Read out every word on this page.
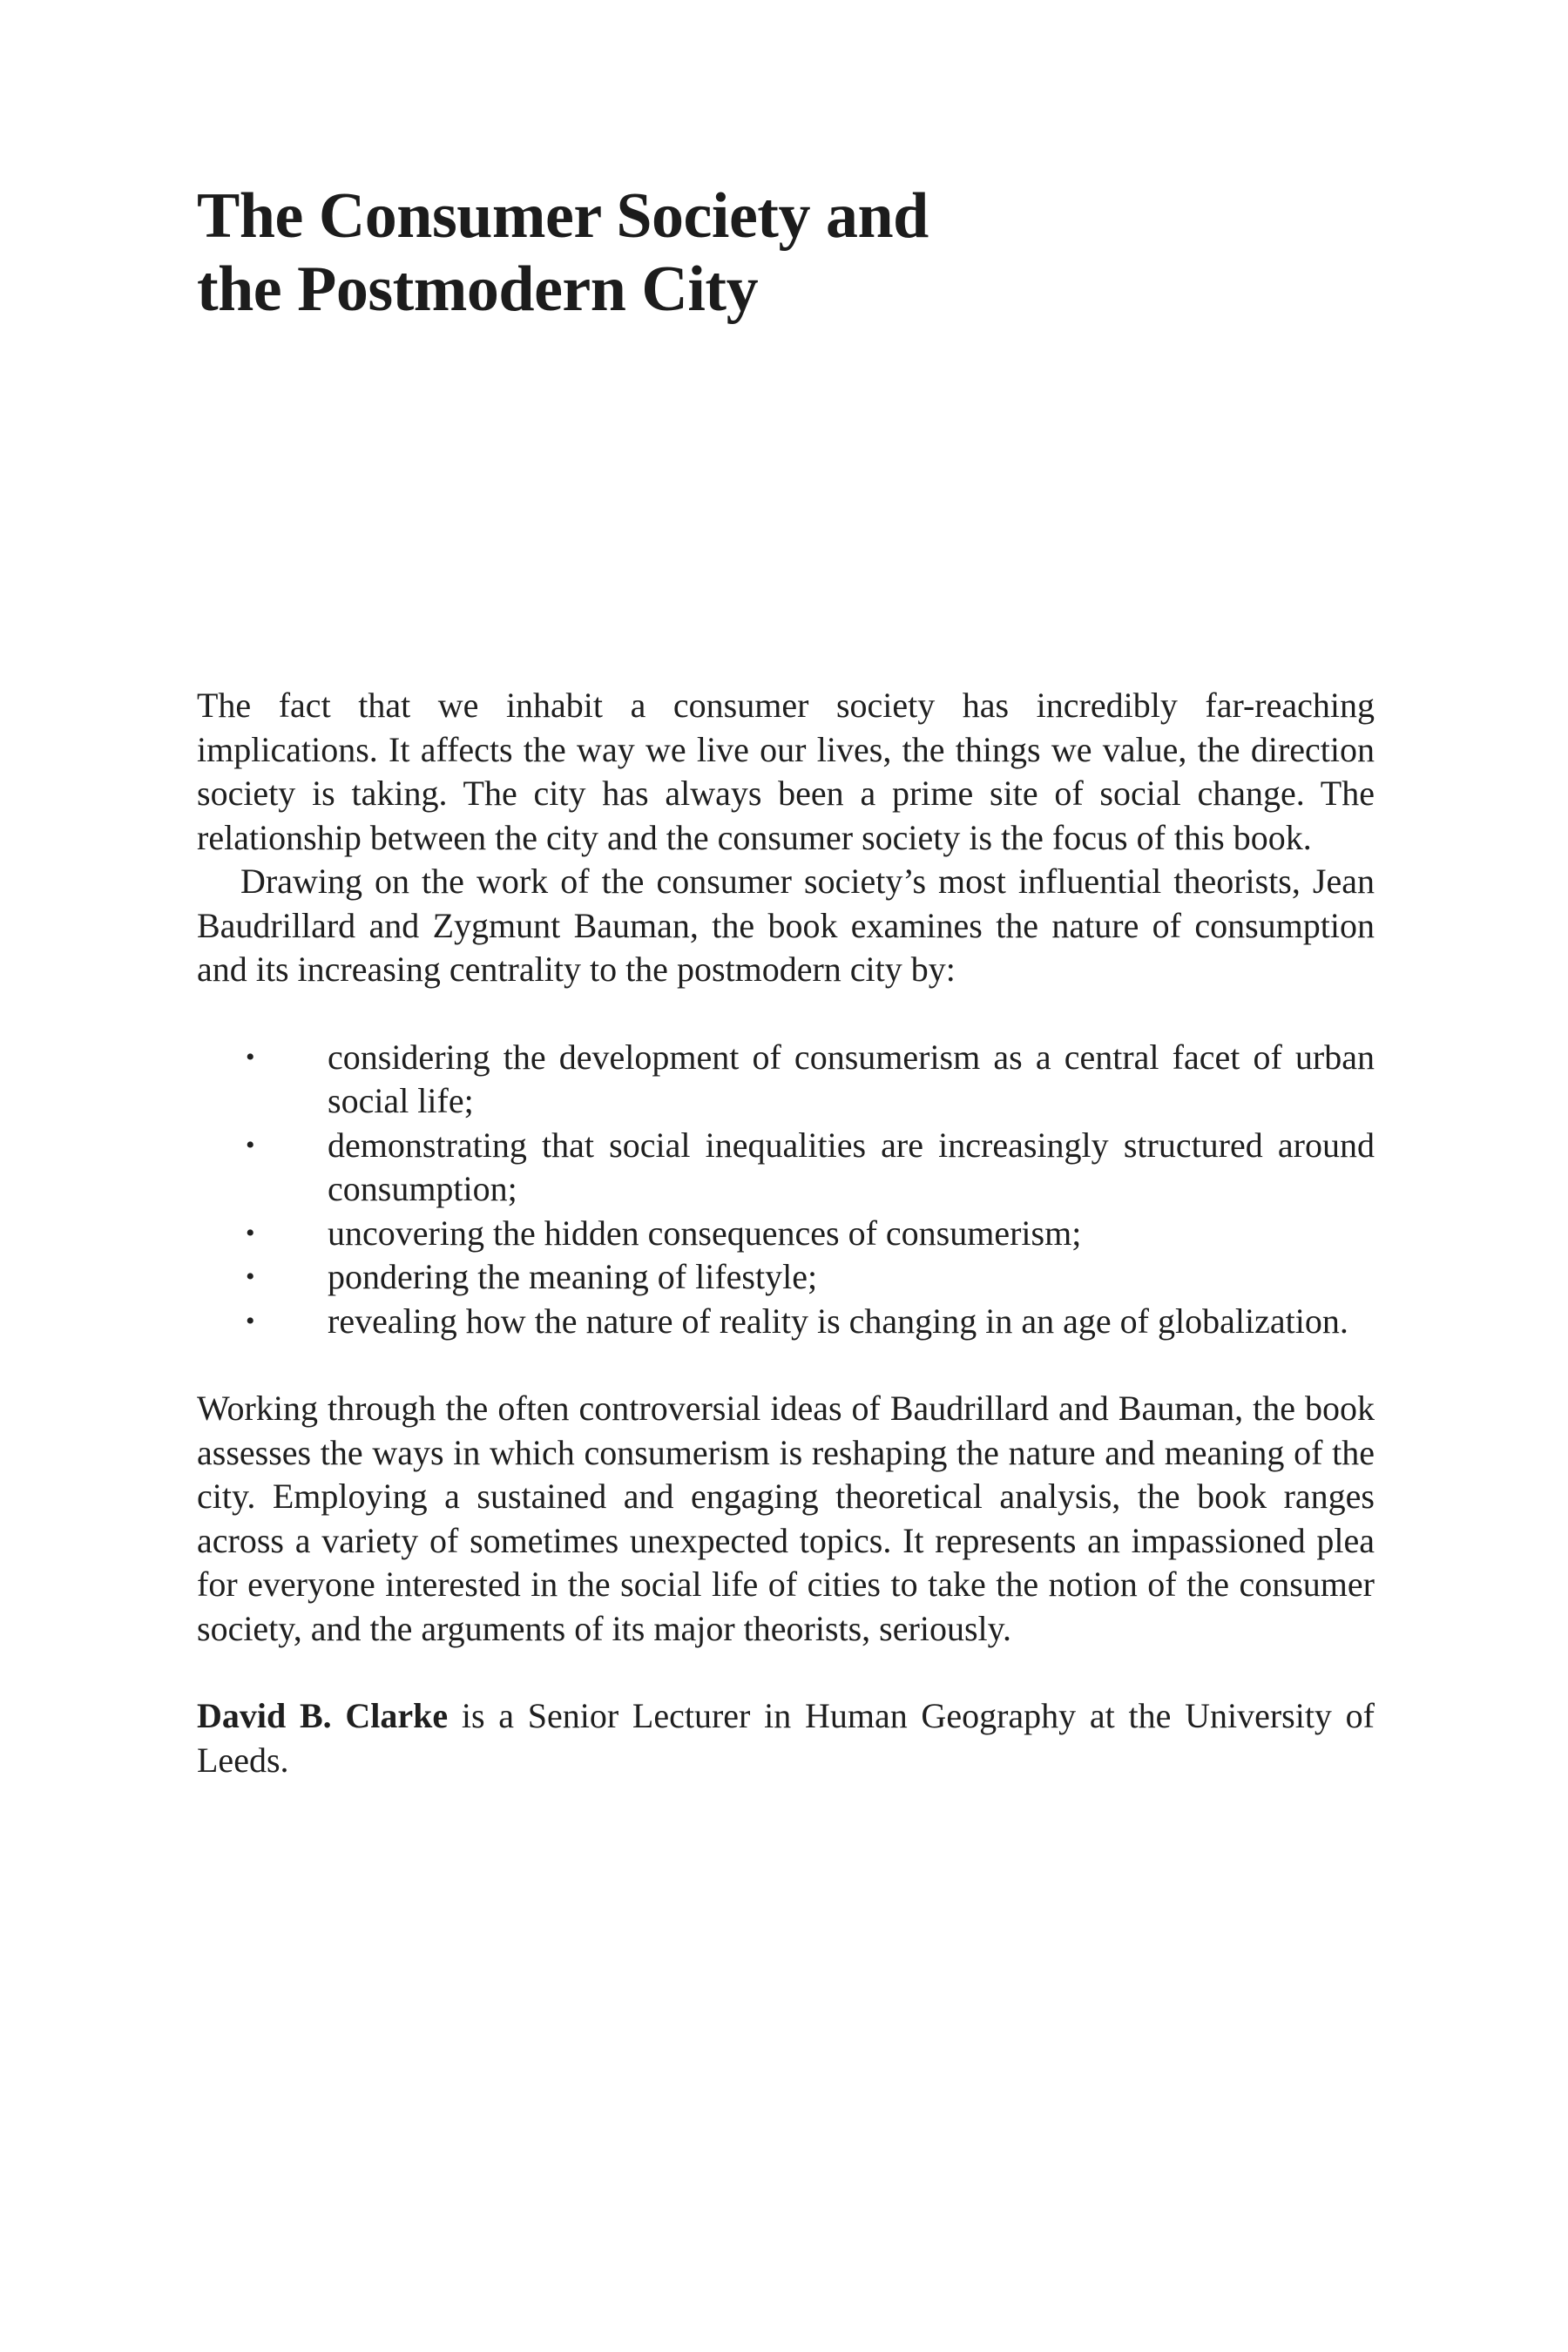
The Consumer Society and
the Postmodern City

The fact that we inhabit a consumer society has incredibly far-reaching implications. It affects the way we live our lives, the things we value, the direction society is taking. The city has always been a prime site of social change. The relationship between the city and the consumer society is the focus of this book.

Drawing on the work of the consumer society’s most influential theorists, Jean Baudrillard and Zygmunt Bauman, the book examines the nature of consumption and its increasing centrality to the postmodern city by:

• considering the development of consumerism as a central facet of urban social life;
• demonstrating that social inequalities are increasingly structured around consumption;
• uncovering the hidden consequences of consumerism;
• pondering the meaning of lifestyle;
• revealing how the nature of reality is changing in an age of globalization.

Working through the often controversial ideas of Baudrillard and Bauman, the book assesses the ways in which consumerism is reshaping the nature and meaning of the city. Employing a sustained and engaging theoretical analysis, the book ranges across a variety of sometimes unexpected topics. It represents an impassioned plea for everyone interested in the social life of cities to take the notion of the consumer society, and the arguments of its major theorists, seriously.

David B. Clarke is a Senior Lecturer in Human Geography at the University of Leeds.
